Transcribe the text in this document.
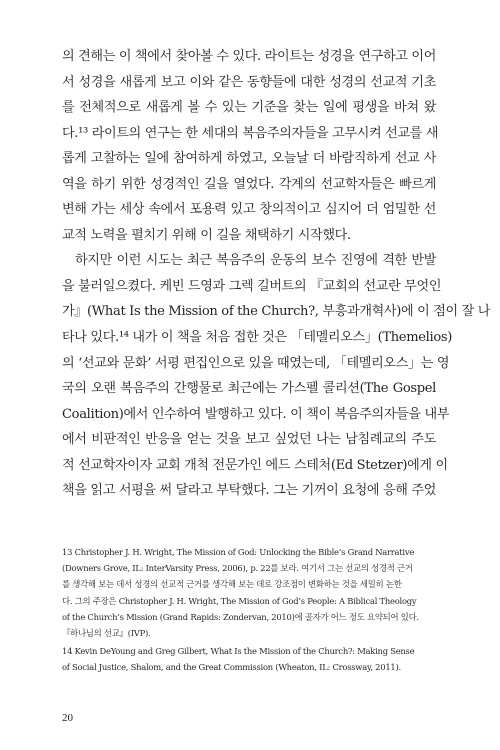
의 견해는 이 책에서 찾아볼 수 있다. 라이트는 성경을 연구하고 이어
서 성경을 새롭게 보고 이와 같은 동향들에 대한 성경의 선교적 기초
를 전체적으로 새롭게 볼 수 있는 기준을 찾는 일에 평생을 바쳐 왔
다.¹³ 라이트의 연구는 한 세대의 복음주의자들을 고무시켜 선교를 새
롭게 고찰하는 일에 참여하게 하였고, 오늘날 더 바람직하게 선교 사
역을 하기 위한 성경적인 길을 열었다. 각계의 선교학자들은 빠르게
변해 가는 세상 속에서 포용력 있고 창의적이고 심지어 더 엄밀한 선
교적 노력을 펼치기 위해 이 길을 채택하기 시작했다.
하지만 이런 시도는 최근 복음주의 운동의 보수 진영에 격한 반발
을 불러일으켰다. 케빈 드영과 그렉 길버트의 『교회의 선교란 무엇인
가』(What Is the Mission of the Church?, 부흥과개혁사)에 이 점이 잘 나
타나 있다.¹⁴ 내가 이 책을 처음 접한 것은 「테멜리오스」(Themelios)
의 ‘선교와 문화’ 서평 편집인으로 있을 때였는데, 「테멜리오스」는 영
국의 오랜 복음주의 간행물로 최근에는 가스펠 콜리션(The Gospel
Coalition)에서 인수하여 발행하고 있다. 이 책이 복음주의자들을 내부
에서 비판적인 반응을 얻는 것을 보고 싶었던 나는 남침례교의 주도
적 선교학자이자 교회 개척 전문가인 에드 스테처(Ed Stetzer)에게 이
책을 읽고 서평을 써 달라고 부탁했다. 그는 기꺼이 요청에 응해 주었
13 Christopher J. H. Wright, The Mission of God: Unlocking the Bible’s Grand Narrative
(Downers Grove, IL: InterVarsity Press, 2006), p. 22를 보라. 여기서 그는 선교의 성경적 근거
를 생각해 보는 데서 성경의 선교적 근거를 생각해 보는 데로 강조점이 변화하는 것을 세밀히 논한
다. 그의 주장은 Christopher J. H. Wright, The Mission of God’s People: A Biblical Theology
of the Church’s Mission (Grand Rapids: Zondervan, 2010)에 골자가 어느 정도 요약되어 있다.
『하나님의 선교』(IVP).
14 Kevin DeYoung and Greg Gilbert, What Is the Mission of the Church?: Making Sense
of Social Justice, Shalom, and the Great Commission (Wheaton, IL: Crossway, 2011).
20
